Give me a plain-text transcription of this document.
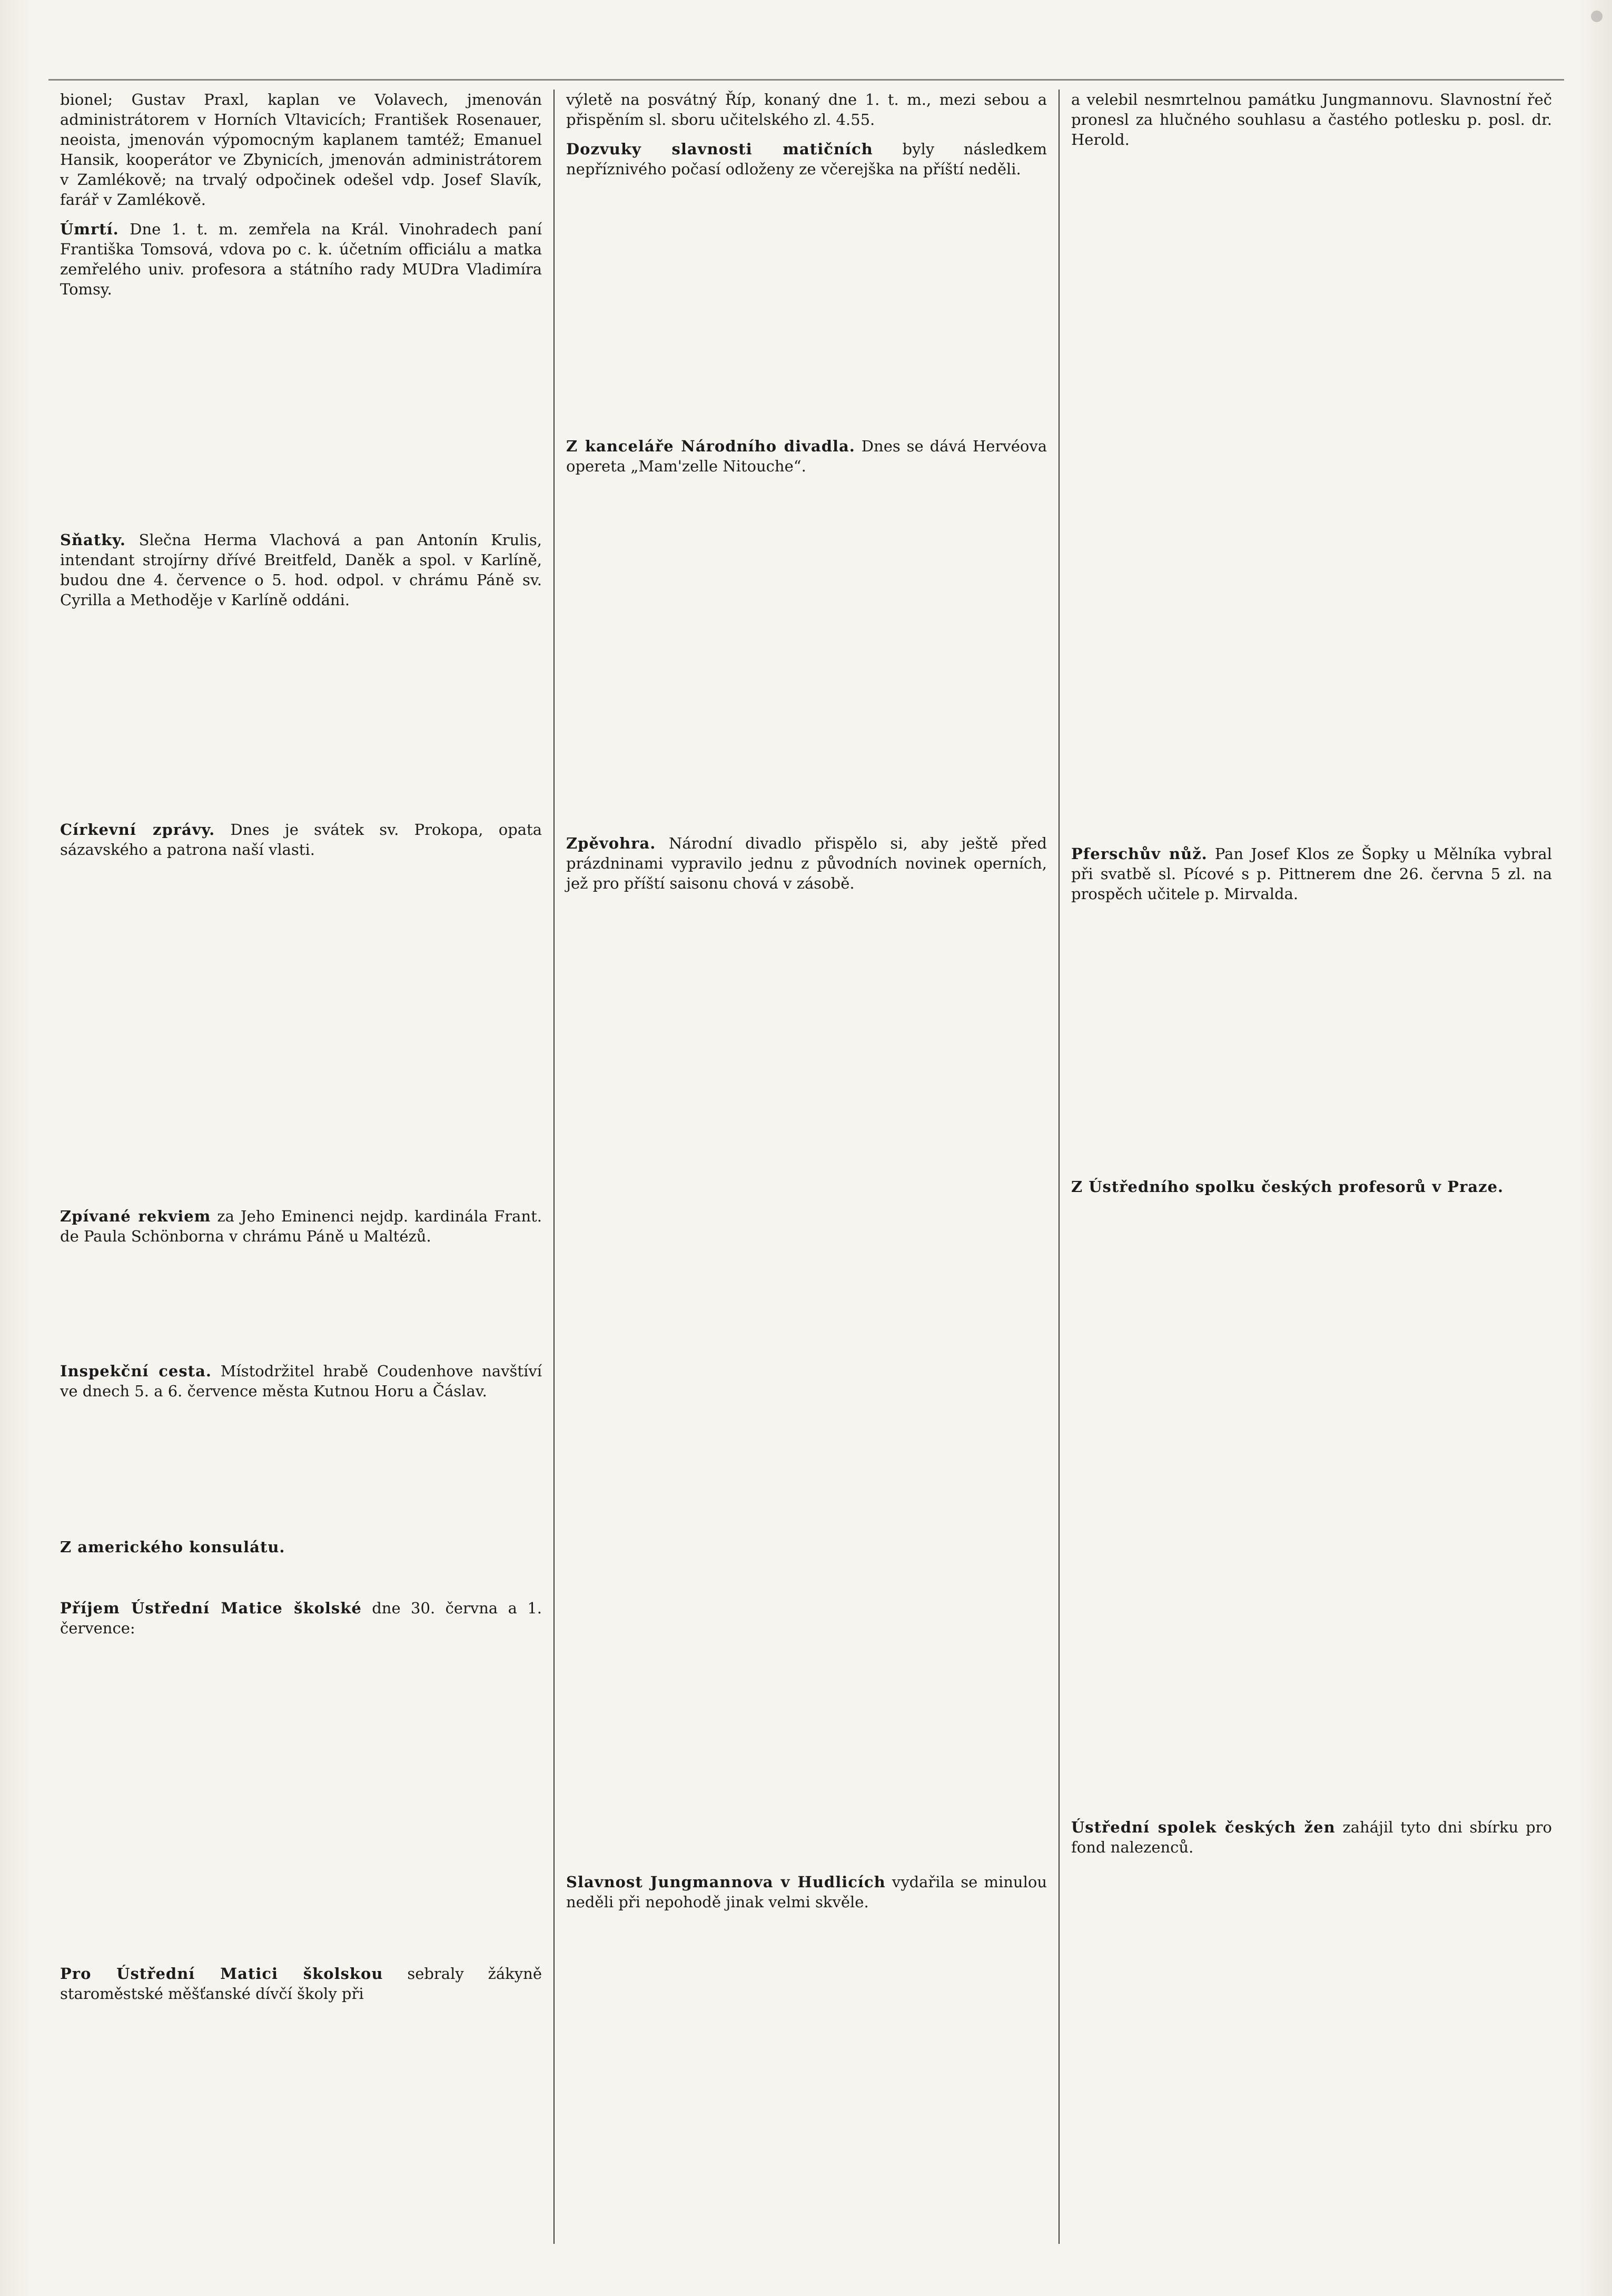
bionel; Gustav Praxl, kaplan ve Volavech, jmenován administrátorem v Horních Vltavicích; František Rosenauer, neoista, jmenován výpomocným kaplanem tamtéž; Emanuel Hansik, kooperátor ve Zbynicích, jmenován administrátorem v Zamlékově; na trvalý odpočinek odešel vdp. Josef Slavík, farář v Zamlékově.

Úmrtí. Dne 1. t. m. zemřela na Král. Vinohradech paní Františka Tomsová, vdova po c. k. účetním officiálu a matka zemřelého univ. profesora a státního rady MUDra Vladimíra Tomsy.

Sňatky. Slečna Herma Vlachová a pan Antonín Krulis, intendant strojírny dřívé Breitfeld, Daněk a spol. v Karlíně, budou dne 4. července o 5. hod. odpol. v chrámu Páně sv. Cyrilla a Methoděje v Karlíně oddáni.

Církevní zprávy. Dnes je svátek sv. Prokopa, opata sázavského a patrona naší vlasti.

Zpívané rekviem za Jeho Eminenci nejdp. kardinála Frant. de Paula Schönborna v chrámu Páně u Maltézů.

Inspekční cesta. Místodržitel hrabě Coudenhove navštíví ve dnech 5. a 6. července města Kutnou Horu a Čáslav.

Z amerického konsulátu.

Příjem Ústřední Matice školské dne 30. června a 1. července:

Pro Ústřední Matici školskou sebraly žákyně staroměstské měšťanské dívčí školy při

výletě na posvátný Říp, konaný dne 1. t. m., mezi sebou a přispěním sl. sboru učitelského zl. 4.55.

Dozvuky slavnosti matičních byly následkem nepříznivého počasí odloženy ze včerejška na příští neděli.

Z kanceláře Národního divadla. Dnes se dává Hervéova opereta „Mam'zelle Nitouche“.

Zpěvohra. Národní divadlo přispělo si, aby ještě před prázdninami vypravilo jednu z původních novinek operních, jež pro příští saisonu chová v zásobě.

Slavnost Jungmannova v Hudlicích vydařila se minulou neděli při nepohodě jinak velmi skvěle.

a velebil nesmrtelnou památku Jungmannovu. Slavnostní řeč pronesl za hlučného souhlasu a častého potlesku p. posl. dr. Herold.

Pferschův nůž. Pan Josef Klos ze Šopky u Mělníka vybral při svatbě sl. Pícové s p. Pittnerem dne 26. června 5 zl. na prospěch učitele p. Mirvalda.

Z Ústředního spolku českých profesorů v Praze.

Ústřední spolek českých žen zahájil tyto dni sbírku pro fond nalezenců.
